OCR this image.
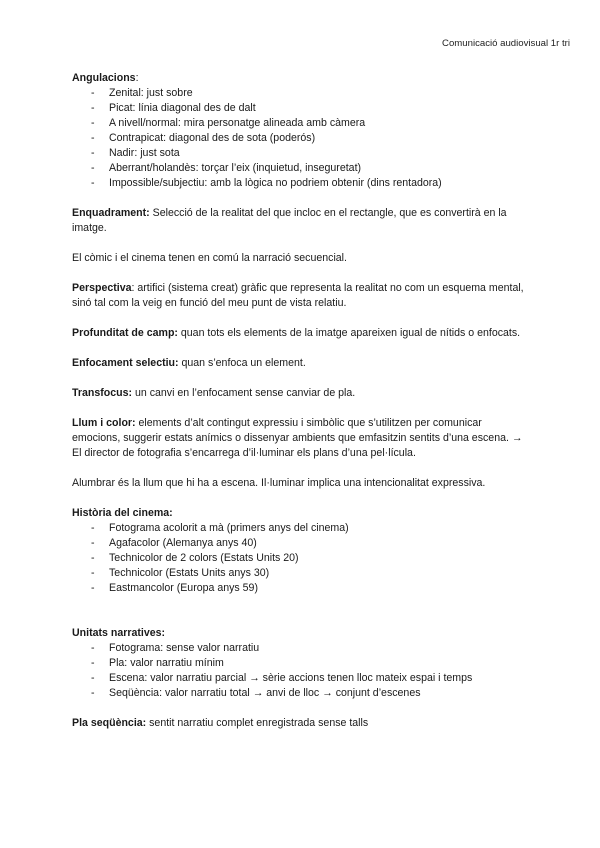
Comunicació audiovisual 1r tri

Angulacions:

- Zenital: just sobre
- Picat: línia diagonal des de dalt
- A nivell/normal: mira personatge alineada amb càmera
- Contrapicat: diagonal des de sota (poderós)
- Nadir: just sota
- Aberrant/holandès: torçar l’eix (inquietud, inseguretat)
- Impossible/subjectiu: amb la lògica no podriem obtenir (dins rentadora)

Enquadrament: Selecció de la realitat del que incloc en el rectangle, que es convertirà en la imatge.

El còmic i el cinema tenen en comú la narració secuencial.

Perspectiva: artifici (sistema creat) gràfic que representa la realitat no com un esquema mental, sinó tal com la veig en funció del meu punt de vista relatiu.

Profunditat de camp: quan tots els elements de la imatge apareixen igual de nítids o enfocats.

Enfocament selectiu: quan s’enfoca un element.

Transfocus: un canvi en l’enfocament sense canviar de pla.

Llum i color: elements d’alt contingut expressiu i simbòlic que s’utilitzen per comunicar emocions, suggerir estats anímics o dissenyar ambients que emfasitzin sentits d’una escena. → El director de fotografia s’encarrega d’il·luminar els plans d’una pel·lícula.

Alumbrar és la llum que hi ha a escena. Il·luminar implica una intencionalitat expressiva.

Història del cinema:

- Fotograma acolorit a mà (primers anys del cinema)
- Agafacolor (Alemanya anys 40)
- Technicolor de 2 colors (Estats Units 20)
- Technicolor (Estats Units anys 30)
- Eastmancolor (Europa anys 59)

Unitats narratives:

- Fotograma: sense valor narratiu
- Pla: valor narratiu mínim
- Escena: valor narratiu parcial → sèrie accions tenen lloc mateix espai i temps
- Seqüència: valor narratiu total → anvi de lloc → conjunt d’escenes

Pla seqüència: sentit narratiu complet enregistrada sense talls
